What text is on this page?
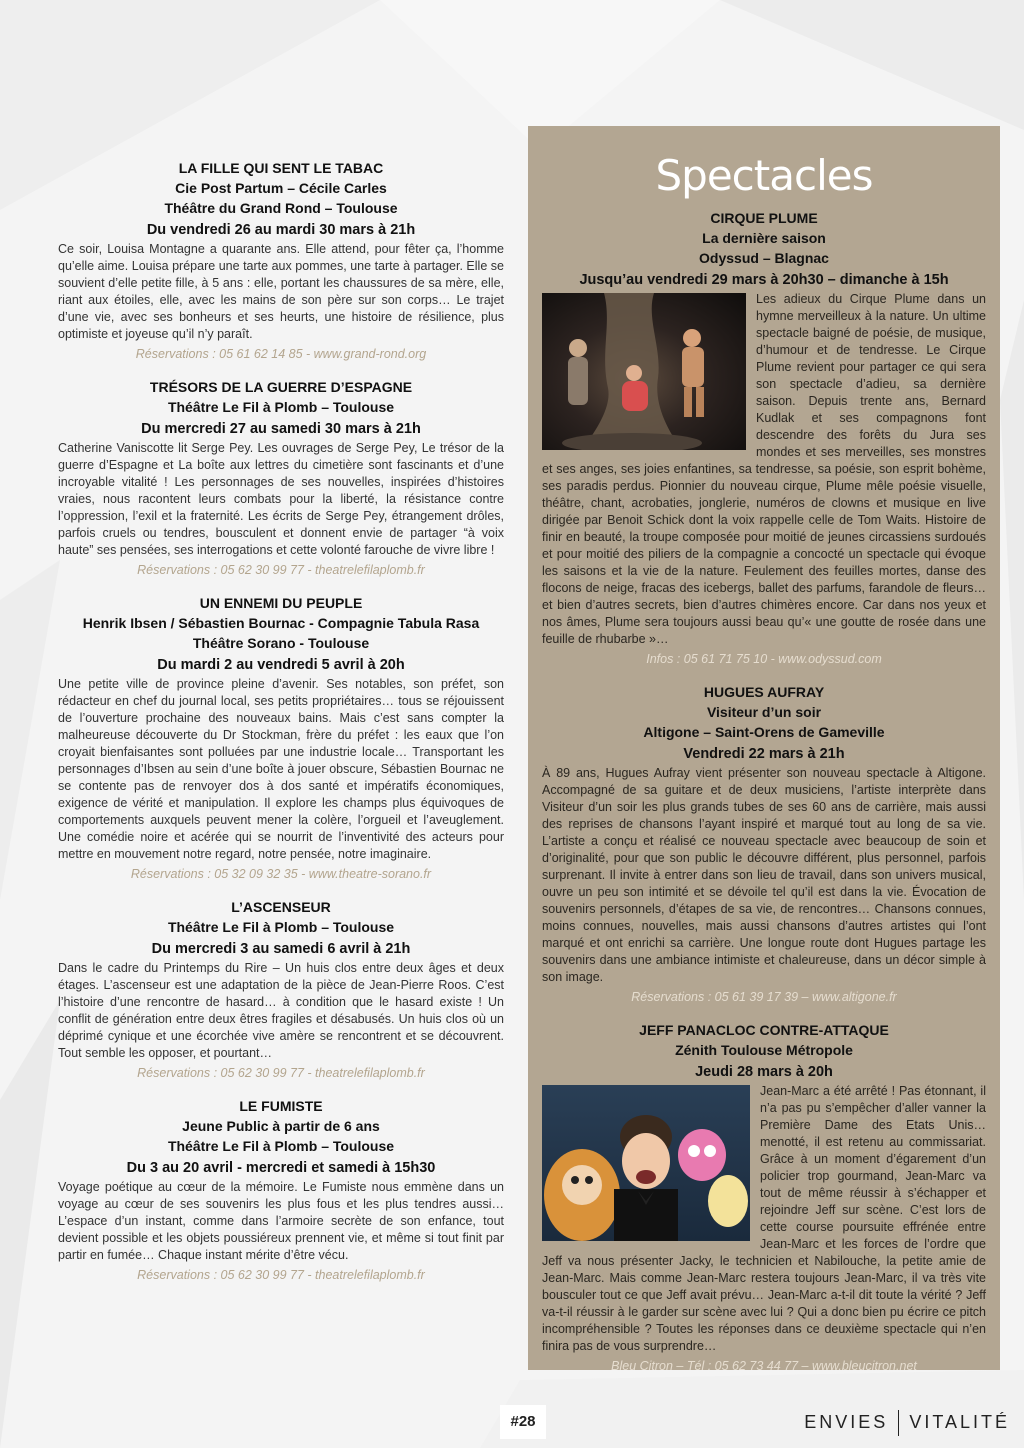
LA FILLE QUI SENT LE TABAC
Cie Post Partum – Cécile Carles
Théâtre du Grand Rond – Toulouse
Du vendredi 26 au mardi 30 mars à 21h

Ce soir, Louisa Montagne a quarante ans. Elle attend, pour fêter ça, l’homme qu’elle aime. Louisa prépare une tarte aux pommes, une tarte à partager. Elle se souvient d’elle petite fille, à 5 ans : elle, portant les chaussures de sa mère, elle, riant aux étoiles, elle, avec les mains de son père sur son corps… Le trajet d’une vie, avec ses bonheurs et ses heurts, une histoire de résilience, plus optimiste et joyeuse qu’il n’y paraît.

Réservations : 05 61 62 14 85 - www.grand-rond.org
TRÉSORS DE LA GUERRE D’ESPAGNE
Théâtre Le Fil à Plomb – Toulouse
Du mercredi 27 au samedi 30 mars à 21h

Catherine Vaniscotte lit Serge Pey. Les ouvrages de Serge Pey, Le trésor de la guerre d’Espagne et La boîte aux lettres du cimetière sont fascinants et d’une incroyable vitalité ! Les personnages de ses nouvelles, inspirées d’histoires vraies, nous racontent leurs combats pour la liberté, la résistance contre l’oppression, l’exil et la fraternité. Les écrits de Serge Pey, étrangement drôles, parfois cruels ou tendres, bousculent et donnent envie de partager “à voix haute” ses pensées, ses interrogations et cette volonté farouche de vivre libre !

Réservations : 05 62 30 99 77 - theatrelefilaplomb.fr
UN ENNEMI DU PEUPLE
Henrik Ibsen / Sébastien Bournac - Compagnie Tabula Rasa
Théâtre Sorano - Toulouse
Du mardi 2 au vendredi 5 avril à 20h

Une petite ville de province pleine d’avenir. Ses notables, son préfet, son rédacteur en chef du journal local, ses petits propriétaires… tous se réjouissent de l’ouverture prochaine des nouveaux bains. Mais c’est sans compter la malheureuse découverte du Dr Stockman, frère du préfet : les eaux que l’on croyait bienfaisantes sont polluées par une industrie locale… Transportant les personnages d’Ibsen au sein d’une boîte à jouer obscure, Sébastien Bournac ne se contente pas de renvoyer dos à dos santé et impératifs économiques, exigence de vérité et manipulation. Il explore les champs plus équivoques de comportements auxquels peuvent mener la colère, l’orgueil et l’aveuglement. Une comédie noire et acérée qui se nourrit de l’inventivité des acteurs pour mettre en mouvement notre regard, notre pensée, notre imaginaire.

Réservations : 05 32 09 32 35 - www.theatre-sorano.fr
L’ASCENSEUR
Théâtre Le Fil à Plomb – Toulouse
Du mercredi 3 au samedi 6 avril à 21h

Dans le cadre du Printemps du Rire – Un huis clos entre deux âges et deux étages. L’ascenseur est une adaptation de la pièce de Jean-Pierre Roos. C’est l’histoire d’une rencontre de hasard… à condition que le hasard existe ! Un conflit de génération entre deux êtres fragiles et désabusés. Un huis clos où un déprimé cynique et une écorchée vive amère se rencontrent et se découvrent. Tout semble les opposer, et pourtant…

Réservations : 05 62 30 99 77 - theatrelefilaplomb.fr
LE FUMISTE
Jeune Public à partir de 6 ans
Théâtre Le Fil à Plomb – Toulouse
Du 3 au 20 avril - mercredi et samedi à 15h30

Voyage poétique au cœur de la mémoire. Le Fumiste nous emmène dans un voyage au cœur de ses souvenirs les plus fous et les plus tendres aussi… L’espace d’un instant, comme dans l’armoire secrète de son enfance, tout devient possible et les objets poussiéreux prennent vie, et même si tout finit par partir en fumée… Chaque instant mérite d’être vécu.

Réservations : 05 62 30 99 77 - theatrelefilaplomb.fr
Spectacles
CIRQUE PLUME
La dernière saison
Odyssud – Blagnac
Jusqu’au vendredi 29 mars à 20h30 – dimanche à 15h

Les adieux du Cirque Plume dans un hymne merveilleux à la nature. Un ultime spectacle baigné de poésie, de musique, d’humour et de tendresse. Le Cirque Plume revient pour partager ce qui sera son spectacle d’adieu, sa dernière saison. Depuis trente ans, Bernard Kudlak et ses compagnons font descendre des forêts du Jura ses mondes et ses merveilles, ses monstres et ses anges, ses joies enfantines, sa tendresse, sa poésie, son esprit bohème, ses paradis perdus. Pionnier du nouveau cirque, Plume mêle poésie visuelle, théâtre, chant, acrobaties, jonglerie, numéros de clowns et musique en live dirigée par Benoit Schick dont la voix rappelle celle de Tom Waits. Histoire de finir en beauté, la troupe composée pour moitié de jeunes circassiens surdoués et pour moitié des piliers de la compagnie a concocté un spectacle qui évoque les saisons et la vie de la nature. Feulement des feuilles mortes, danse des flocons de neige, fracas des icebergs, ballet des parfums, farandole de fleurs… et bien d’autres secrets, bien d’autres chimères encore. Car dans nos yeux et nos âmes, Plume sera toujours aussi beau qu’« une goutte de rosée dans une feuille de rhubarbe »…

Infos : 05 61 71 75 10 - www.odyssud.com
HUGUES AUFRAY
Visiteur d’un soir
Altigone – Saint-Orens de Gameville
Vendredi 22 mars à 21h

À 89 ans, Hugues Aufray vient présenter son nouveau spectacle à Altigone. Accompagné de sa guitare et de deux musiciens, l’artiste interprète dans Visiteur d’un soir les plus grands tubes de ses 60 ans de carrière, mais aussi des reprises de chansons l’ayant inspiré et marqué tout au long de sa vie. L’artiste a conçu et réalisé ce nouveau spectacle avec beaucoup de soin et d’originalité, pour que son public le découvre différent, plus personnel, parfois surprenant. Il invite à entrer dans son lieu de travail, dans son univers musical, ouvre un peu son intimité et se dévoile tel qu’il est dans la vie. Évocation de souvenirs personnels, d’étapes de sa vie, de rencontres… Chansons connues, moins connues, nouvelles, mais aussi chansons d’autres artistes qui l’ont marqué et ont enrichi sa carrière. Une longue route dont Hugues partage les souvenirs dans une ambiance intimiste et chaleureuse, dans un décor simple à son image.

Réservations : 05 61 39 17 39 – www.altigone.fr
JEFF PANACLOC CONTRE-ATTAQUE
Zénith Toulouse Métropole
Jeudi 28 mars à 20h

Jean-Marc a été arrêté ! Pas étonnant, il n’a pas pu s’empêcher d’aller vanner la Première Dame des Etats Unis… menotté, il est retenu au commissariat. Grâce à un moment d’égarement d’un policier trop gourmand, Jean-Marc va tout de même réussir à s’échapper et rejoindre Jeff sur scène. C’est lors de cette course poursuite effrénée entre Jean-Marc et les forces de l’ordre que Jeff va nous présenter Jacky, le technicien et Nabilouche, la petite amie de Jean-Marc. Mais comme Jean-Marc restera toujours Jean-Marc, il va très vite bousculer tout ce que Jeff avait prévu… Jean-Marc a-t-il dit toute la vérité ? Jeff va-t-il réussir à le garder sur scène avec lui ? Qui a donc bien pu écrire ce pitch incompréhensible ? Toutes les réponses dans ce deuxième spectacle qui n’en finira pas de vous surprendre…

Bleu Citron – Tél : 05 62 73 44 77 – www.bleucitron.net
#28	ENVIES VITALITÉ
